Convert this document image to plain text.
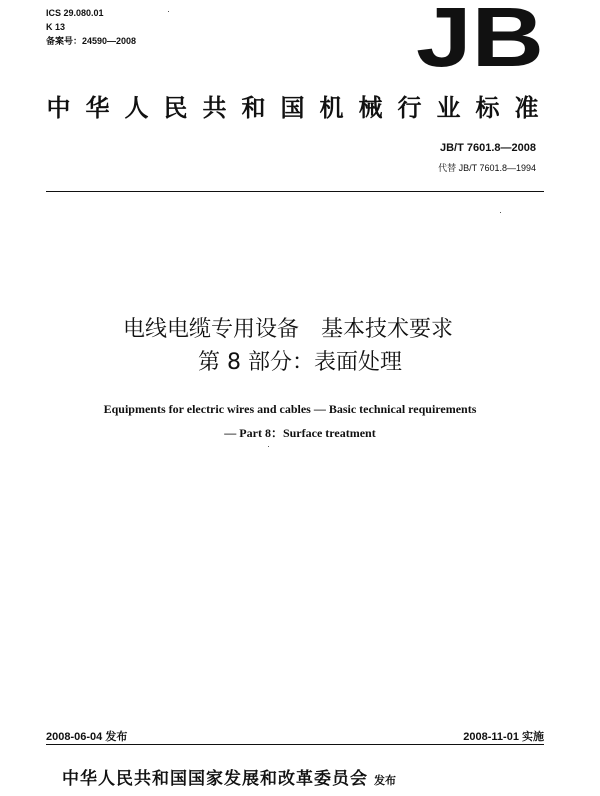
ICS 29.080.01
K 13
备案号：24590—2008	JB
中华人民共和国机械行业标准
JB/T 7601.8—2008
代替 JB/T 7601.8—1994
电线电缆专用设备　基本技术要求
第 8 部分：表面处理
Equipments for electric wires and cables — Basic technical requirements
— Part 8：Surface treatment
2008-06-04 发布	2008-11-01 实施
中华人民共和国国家发展和改革委员会 发布
